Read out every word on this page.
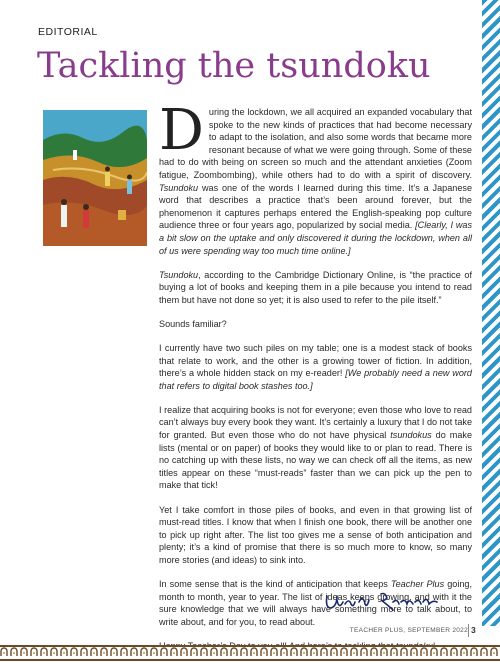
EDITORIAL
Tackling the tsundoku
D uring the lockdown, we all acquired an expanded vocabulary that spoke to the new kinds of practices that had become necessary to adapt to the isolation, and also some words that became more resonant because of what we were going through. Some of these had to do with being on screen so much and the attendant anxieties (Zoom fatigue, Zoombombing), while others had to do with a spirit of discovery. Tsundoku was one of the words I learned during this time. It’s a Japanese word that describes a practice that’s been around forever, but the phenomenon it captures perhaps entered the English-speaking pop culture audience three or four years ago, popularized by social media. [Clearly, I was a bit slow on the uptake and only discovered it during the lockdown, when all of us were spending way too much time online.]

Tsundoku, according to the Cambridge Dictionary Online, is “the practice of buying a lot of books and keeping them in a pile because you intend to read them but have not done so yet; it is also used to refer to the pile itself.”

Sounds familiar?

I currently have two such piles on my table; one is a modest stack of books that relate to work, and the other is a growing tower of fiction. In addition, there’s a whole hidden stack on my e-reader! [We probably need a new word that refers to digital book stashes too.]

I realize that acquiring books is not for everyone; even those who love to read can’t always buy every book they want. It’s certainly a luxury that I do not take for granted. But even those who do not have physical tsundokus do make lists (mental or on paper) of books they would like to or plan to read. There is no catching up with these lists, no way we can check off all the items, as new titles appear on these “must-reads” faster than we can pick up the pen to make that tick!

Yet I take comfort in those piles of books, and even in that growing list of must-read titles. I know that when I finish one book, there will be another one to pick up right after. The list too gives me a sense of both anticipation and plenty; it’s a kind of promise that there is so much more to know, so many more stories (and ideas) to sink into.

In some sense that is the kind of anticipation that keeps Teacher Plus going, month to month, year to year. The list of ideas keeps growing, and with it the sure knowledge that we will always have something more to talk about, to write about, and for you, to read about.

TEACHER PLUS, SEPTEMBER 2022 3
